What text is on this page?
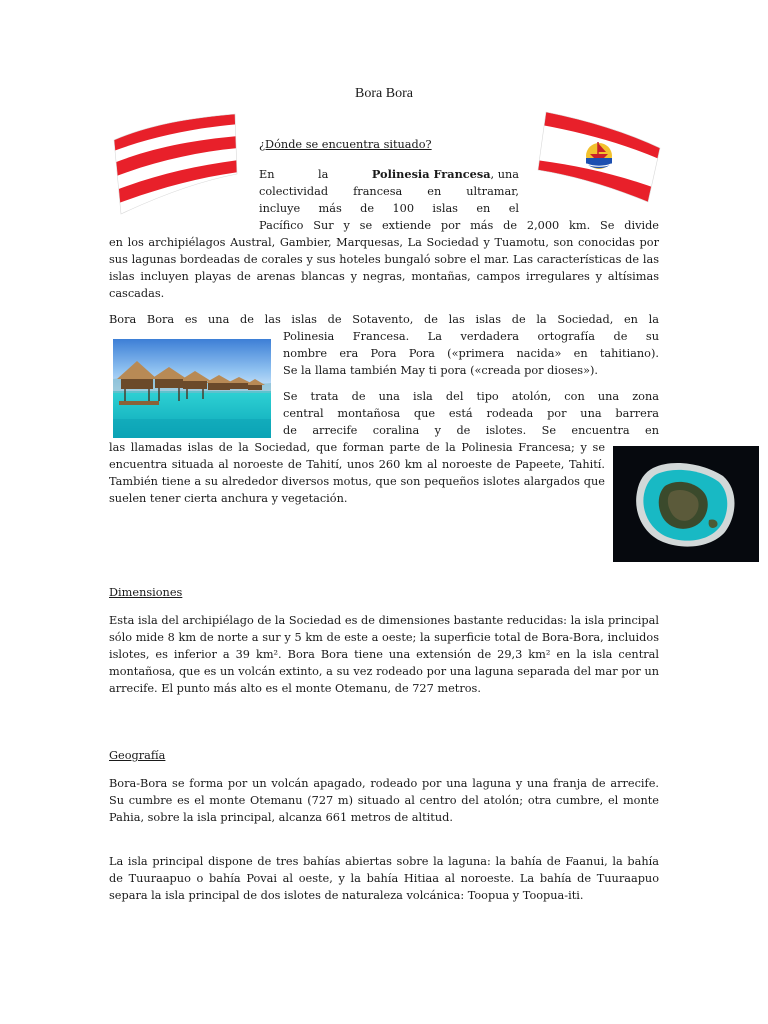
Bora Bora
¿Dónde se encuentra situado?
En	la	Polinesia Francesa, una
colectividad francesa en ultramar,
incluye más de 100 islas en el
Pacífico Sur y se extiende por más de 2,000 km. Se divide
en los archipiélagos Austral, Gambier, Marquesas, La Sociedad y Tuamotu, son conocidas por sus lagunas bordeadas de corales y sus hoteles bungaló sobre el mar. Las características de las islas incluyen playas de arenas blancas y negras, montañas, campos irregulares y altísimas cascadas.
Bora Bora es una de las islas de Sotavento, de las islas de la Sociedad, en la
Polinesia Francesa. La verdadera ortografía de su
nombre era Pora Pora («primera nacida» en tahitiano).
Se la llama también May ti pora («creada por dioses»).
Se trata de una isla del tipo atolón, con una zona
central montañosa que está rodeada por una barrera
de arrecife coralina y de islotes. Se encuentra en
las llamadas islas de la Sociedad, que forman parte de la Polinesia Francesa; y se encuentra situada al noroeste de Tahití, unos 260 km al noroeste de Papeete, Tahití. También tiene a su alrededor diversos motus, que son pequeños islotes alargados que suelen tener cierta anchura y vegetación.
Dimensiones
Esta isla del archipiélago de la Sociedad es de dimensiones bastante reducidas: la isla principal sólo mide 8 km de norte a sur y 5 km de este a oeste; la superficie total de Bora-Bora, incluidos islotes, es inferior a 39 km². Bora Bora tiene una extensión de 29,3 km² en la isla central montañosa, que es un volcán extinto, a su vez rodeado por una laguna separada del mar por un arrecife. El punto más alto es el monte Otemanu, de 727 metros.
Geografía
Bora-Bora se forma por un volcán apagado, rodeado por una laguna y una franja de arrecife. Su cumbre es el monte Otemanu (727 m) situado al centro del atolón; otra cumbre, el monte Pahia, sobre la isla principal, alcanza 661 metros de altitud.
La isla principal dispone de tres bahías abiertas sobre la laguna: la bahía de Faanui, la bahía de Tuuraapuo o bahía Povai al oeste, y la bahía Hitiaa al noroeste. La bahía de Tuuraapuo separa la isla principal de dos islotes de naturaleza volcánica: Toopua y Toopua-iti.
